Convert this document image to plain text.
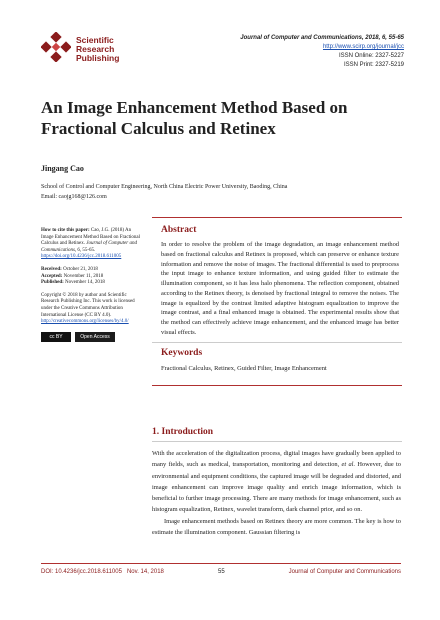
Scientific
Research
Publishing
Journal of Computer and Communications, 2018, 6, 55-65
http://www.scirp.org/journal/jcc
ISSN Online: 2327-5227
ISSN Print: 2327-5219
An Image Enhancement Method Based on Fractional Calculus and Retinex
Jingang Cao
School of Control and Computer Engineering, North China Electric Power University, Baoding, China
Email: caojg168@126.com

How to cite this paper: Cao, J.G. (2018) An Image Enhancement Method Based on Fractional Calculus and Retinex. Journal of Computer and Communications, 6, 55-65. https://doi.org/10.4236/jcc.2018.611005

Received: October 21, 2018
Accepted: November 11, 2018
Published: November 14, 2018

Copyright © 2018 by author and Scientific Research Publishing Inc. This work is licensed under the Creative Commons Attribution International License (CC BY 4.0).
http://creativecommons.org/licenses/by/4.0/

cc BY	Open Access
Abstract
In order to resolve the problem of the image degradation, an image enhancement method based on fractional calculus and Retinex is proposed, which can preserve or enhance texture information and remove the noise of images. The fractional differential is used to preprocess the input image to enhance texture information, and using guided filter to estimate the illumination component, so it has less halo phenomena. The reflection component, obtained according to the Retinex theory, is denoised by fractional integral to remove the noises. The image is equalized by the contrast limited adaptive histogram equalization to improve the image contrast, and a final enhanced image is obtained. The experimental results show that the method can effectively achieve image enhancement, and the enhanced image has better visual effects.
Keywords
Fractional Calculus, Retinex, Guided Filter, Image Enhancement
1. Introduction

With the acceleration of the digitalization process, digital images have gradually been applied to many fields, such as medical, transportation, monitoring and detection, et al. However, due to environmental and equipment conditions, the captured image will be degraded and distorted, and image enhancement can improve image quality and enrich image information, which is beneficial to further image processing. There are many methods for image enhancement, such as histogram equalization, Retinex, wavelet transform, dark channel prior, and so on.

Image enhancement methods based on Retinex theory are more common. The key is how to estimate the illumination component. Gaussian filtering is

DOI: 10.4236/jcc.2018.611005 Nov. 14, 2018	55	Journal of Computer and Communications
